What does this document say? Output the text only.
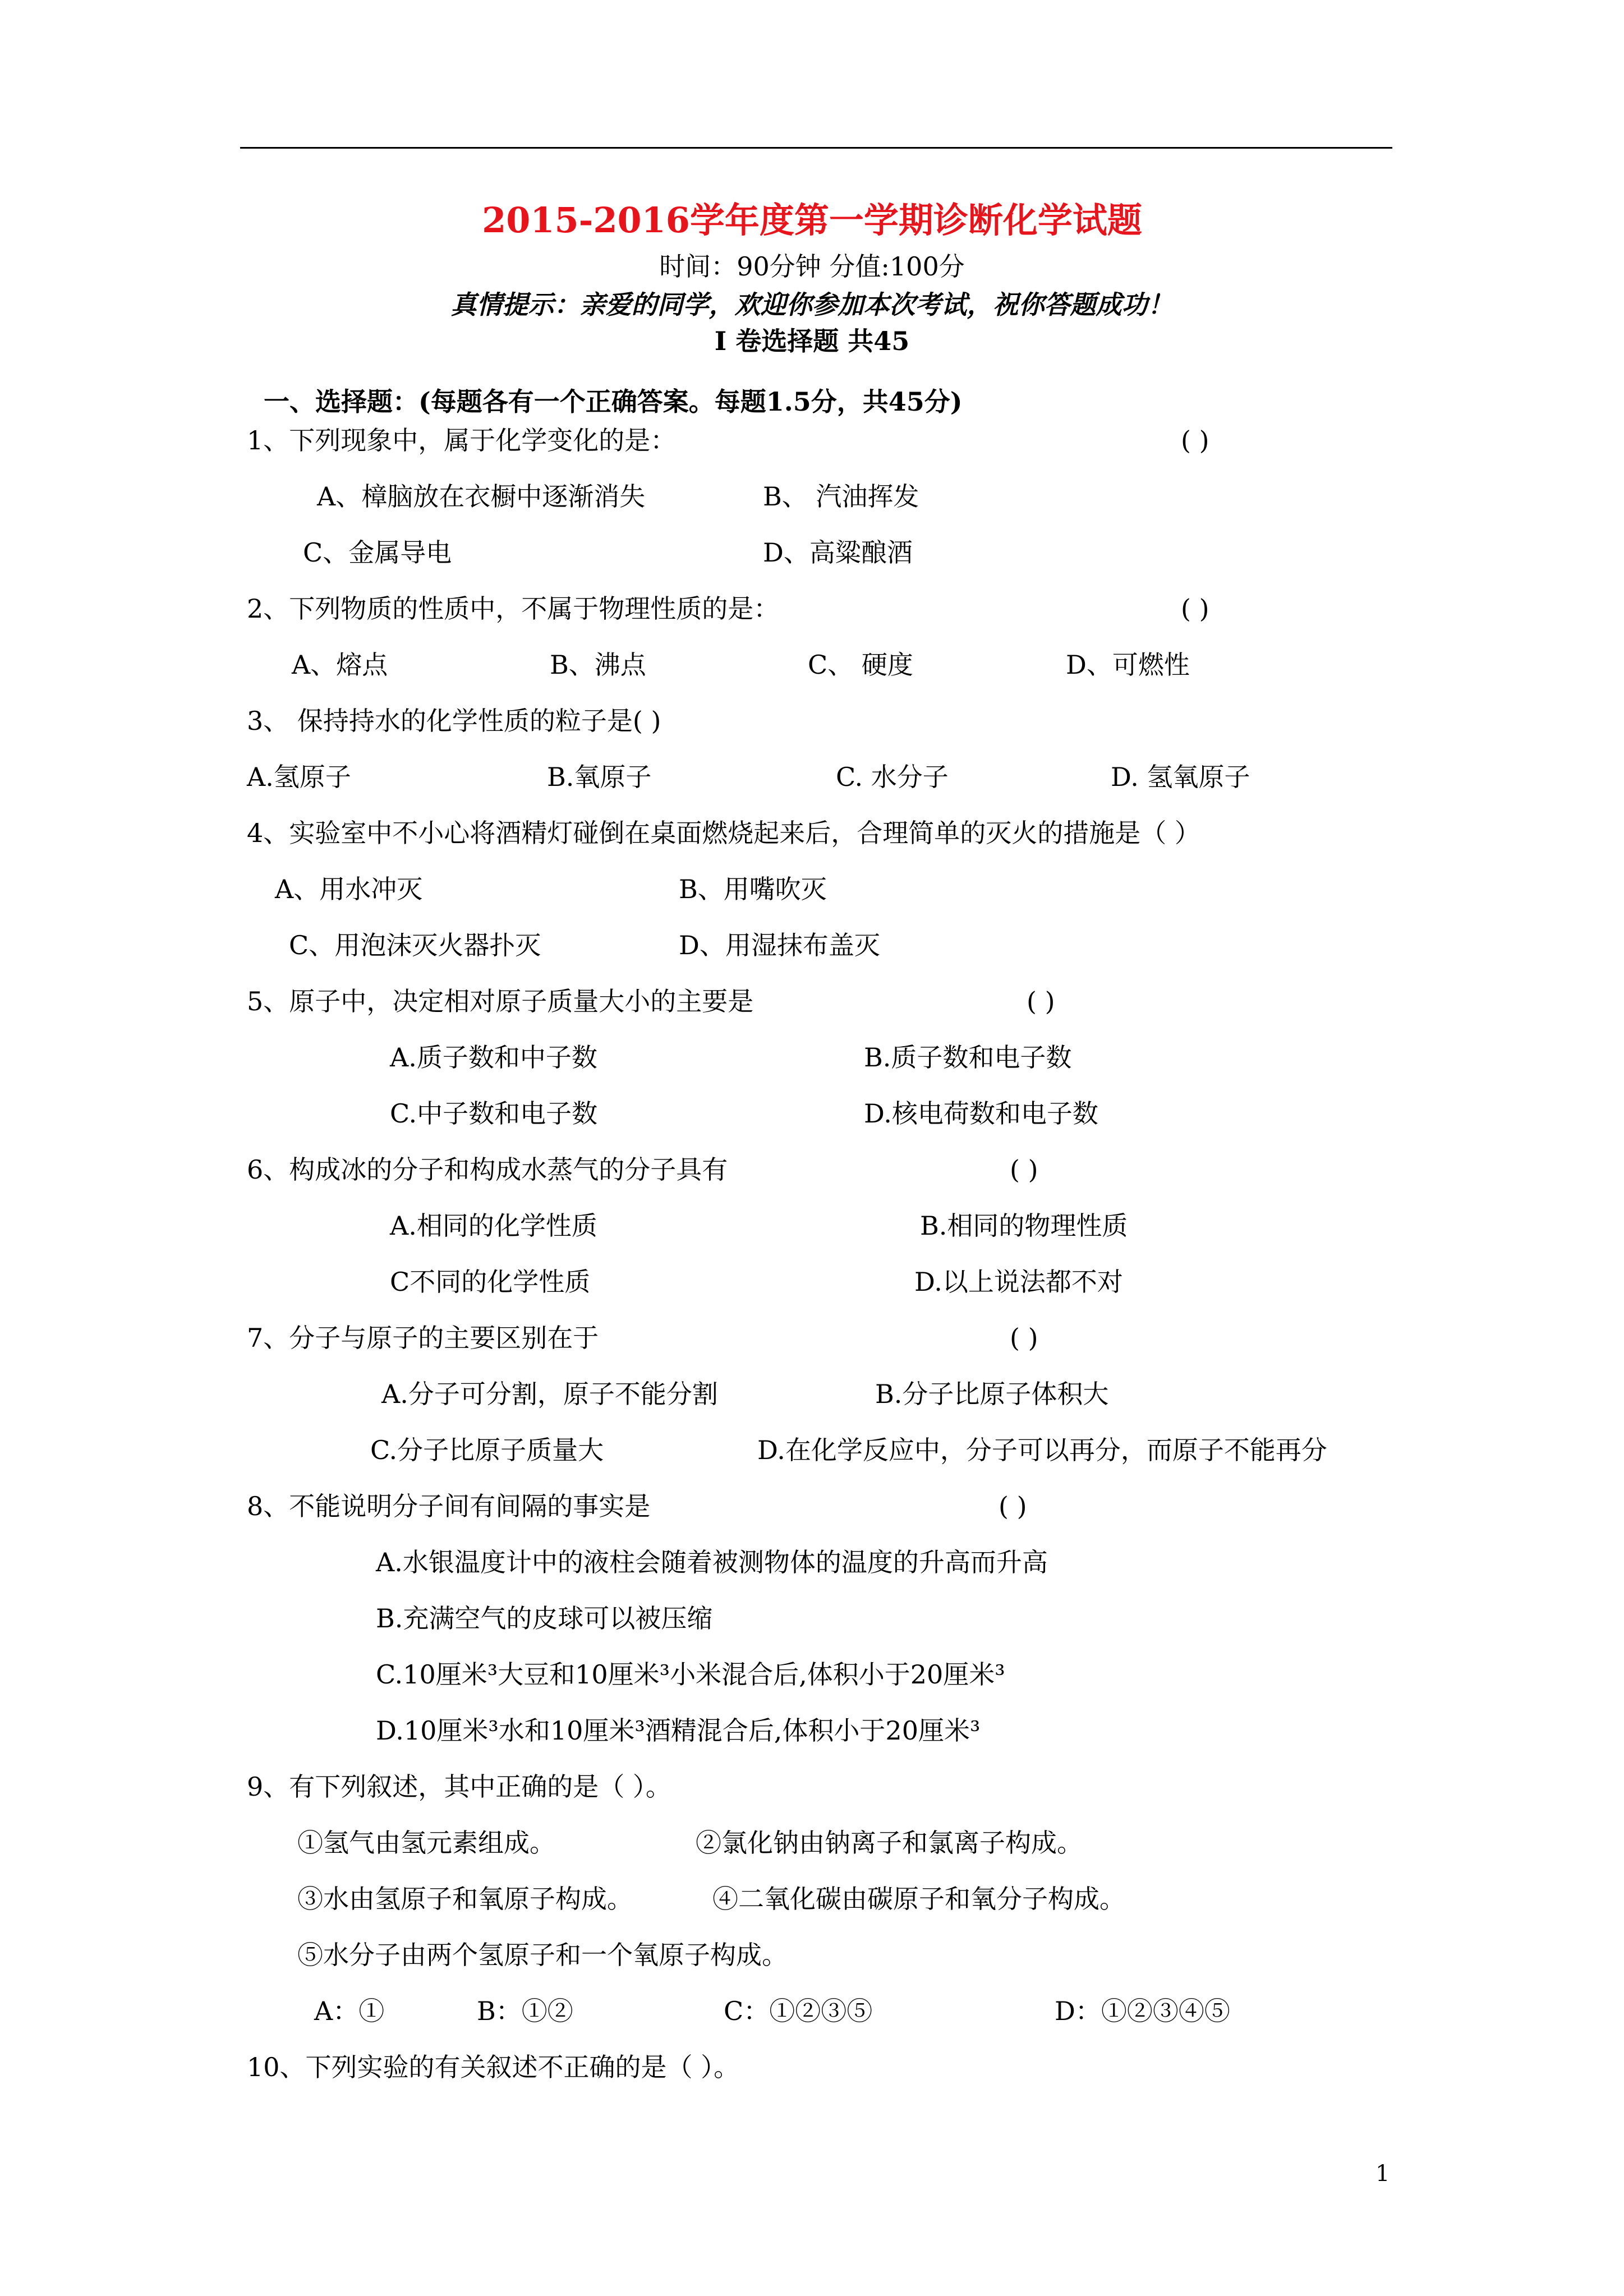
2015-2016学年度第一学期诊断化学试题
时间：90分钟 分值:100分
真情提示：亲爱的同学，欢迎你参加本次考试，祝你答题成功！
Ⅰ 卷选择题 共45
一、选择题：(每题各有一个正确答案。每题1.5分，共45分)
1、下列现象中，属于化学变化的是：	( )
A、樟脑放在衣橱中逐渐消失	B、 汽油挥发
C、金属导电	D、高粱酿酒
2、下列物质的性质中，不属于物理性质的是：	( )
A、熔点	B、沸点	C、 硬度	D、可燃性
3、 保持持水的化学性质的粒子是( )
A.氢原子	B.氧原子	C. 水分子	D. 氢氧原子
4、实验室中不小心将酒精灯碰倒在桌面燃烧起来后，合理简单的灭火的措施是（ ）
A、用水冲灭	B、用嘴吹灭
C、用泡沫灭火器扑灭	D、用湿抹布盖灭
5、原子中，决定相对原子质量大小的主要是	( )
A.质子数和中子数	B.质子数和电子数
C.中子数和电子数	D.核电荷数和电子数
6、构成冰的分子和构成水蒸气的分子具有	( )
A.相同的化学性质	B.相同的物理性质
C不同的化学性质	D.以上说法都不对
7、分子与原子的主要区别在于	( )
A.分子可分割，原子不能分割	B.分子比原子体积大
C.分子比原子质量大	D.在化学反应中，分子可以再分，而原子不能再分
8、不能说明分子间有间隔的事实是	( )
A.水银温度计中的液柱会随着被测物体的温度的升高而升高
B.充满空气的皮球可以被压缩
C.10厘米³大豆和10厘米³小米混合后,体积小于20厘米³
D.10厘米³水和10厘米³酒精混合后,体积小于20厘米³
9、有下列叙述，其中正确的是（ ）。
①氢气由氢元素组成。	②氯化钠由钠离子和氯离子构成。
③水由氢原子和氧原子构成。	④二氧化碳由碳原子和氧分子构成。
⑤水分子由两个氢原子和一个氧原子构成。
A：①	B：①②	C：①②③⑤	D：①②③④⑤
10、下列实验的有关叙述不正确的是（ ）。
1
